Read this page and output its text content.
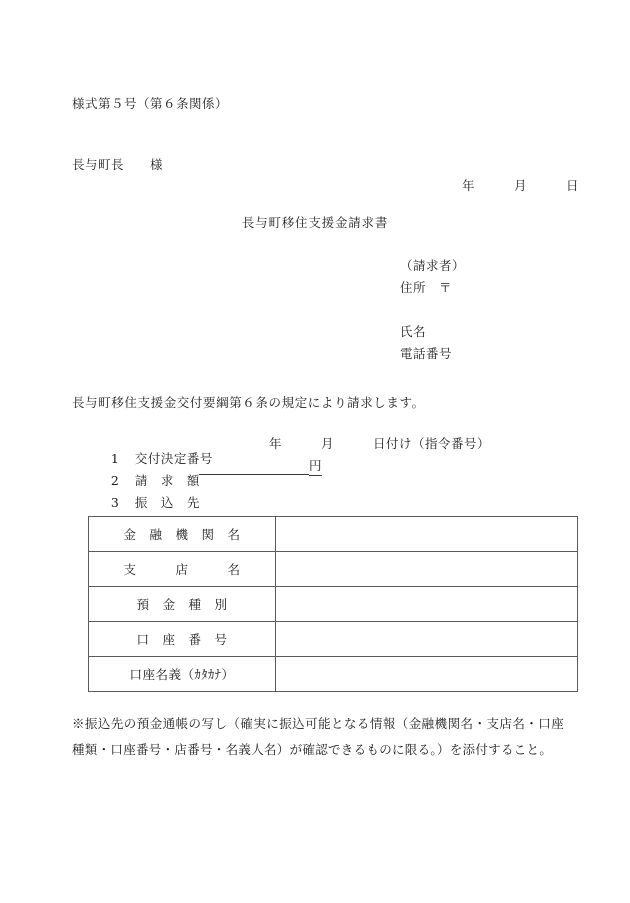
様式第５号（第６条関係）
長与町長　　様
年　　　月　　　日
長与町移住支援金請求書
（請求者）
住所　〒
氏名
電話番号
長与町移住支援金交付要綱第６条の規定により請求します。

1 交付決定番号

年　　　月　　　日付け（指令番号）

2 請　求　額

円

3 振　込　先

金　融　機　関　名	
支　　　店　　　名	
預　金　種　別	
口　座　番　号	
口座名義（ｶﾀｶﾅ）	
※振込先の預金通帳の写し（確実に振込可能となる情報（金融機関名・支店名・口座種類・口座番号・店番号・名義人名）が確認できるものに限る。）を添付すること。
